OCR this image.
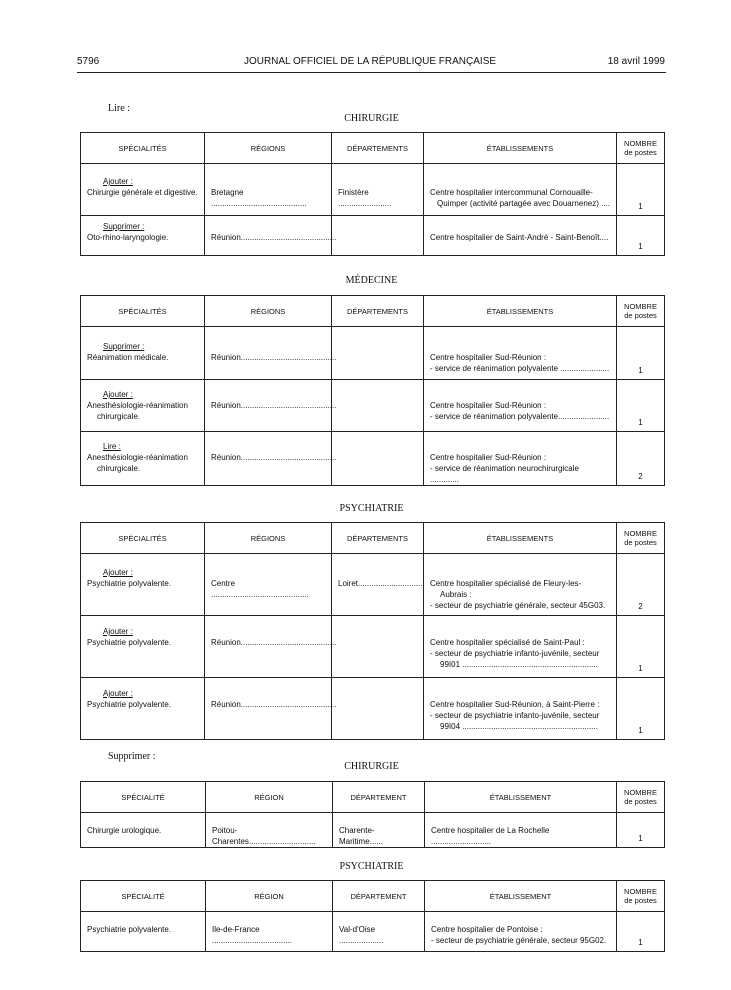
5796	JOURNAL OFFICIEL DE LA RÉPUBLIQUE FRANÇAISE	18 avril 1999
Lire :
CHIRURGIE
SPÉCIALITÉS	RÉGIONS	DÉPARTEMENTS	ÉTABLISSEMENTS	NOMBRE
de postes

Ajouter :
Chirurgie générale et digestive.	Bretagne ...........................................	Finistère ........................	Centre hospitalier intercommunal Cornouaille-
Quimper (activité partagée avec Douarnenez) ....	1

Supprimer :
Oto-rhino-laryngologie.	Réunion...........................................		Centre hospitalier de Saint-André - Saint-Benoît....	1
MÉDECINE
SPÉCIALITÉS	RÉGIONS	DÉPARTEMENTS	ÉTABLISSEMENTS	NOMBRE
de postes

Supprimer :
Réanimation médicale.	Réunion...........................................		Centre hospitalier Sud-Réunion :
- service de réanimation polyvalente ......................	1

Ajouter :
Anesthésiologie-réanimation
chirurgicale.	Réunion...........................................		Centre hospitalier Sud-Réunion :
- service de réanimation polyvalente.......................	1

Lire :
Anesthésiologie-réanimation
chirurgicale.	Réunion...........................................		Centre hospitalier Sud-Réunion :
- service de réanimation neurochirurgicale .............	2
PSYCHIATRIE
SPÉCIALITÉS	RÉGIONS	DÉPARTEMENTS	ÉTABLISSEMENTS	NOMBRE
de postes

Ajouter :
Psychiatrie polyvalente.	Centre ............................................	Loiret..............................	Centre hospitalier spécialisé de Fleury-les-
Aubrais :
- secteur de psychiatrie générale, secteur 45G03.	2

Ajouter :
Psychiatrie polyvalente.	Réunion...........................................		Centre hospitalier spécialisé de Saint-Paul :
- secteur de psychiatrie infanto-juvénile, secteur
99I01 .............................................................	1

Ajouter :
Psychiatrie polyvalente.	Réunion...........................................		Centre hospitalier Sud-Réunion, à Saint-Pierre :
- secteur de psychiatrie infanto-juvénile, secteur
99I04 .............................................................	1
Supprimer :
CHIRURGIE
SPÉCIALITÉ	RÉGION	DÉPARTEMENT	ÉTABLISSEMENT	NOMBRE
de postes

Chirurgie urologique.	Poitou-Charentes..............................	Charente-Maritime......	Centre hospitalier de La Rochelle ...........................	1
PSYCHIATRIE
SPÉCIALITÉ	RÉGION	DÉPARTEMENT	ÉTABLISSEMENT	NOMBRE
de postes

Psychiatrie polyvalente.	Ile-de-France ....................................	Val-d'Oise ....................	Centre hospitalier de Pontoise :
- secteur de psychiatrie générale, secteur 95G02.	1
